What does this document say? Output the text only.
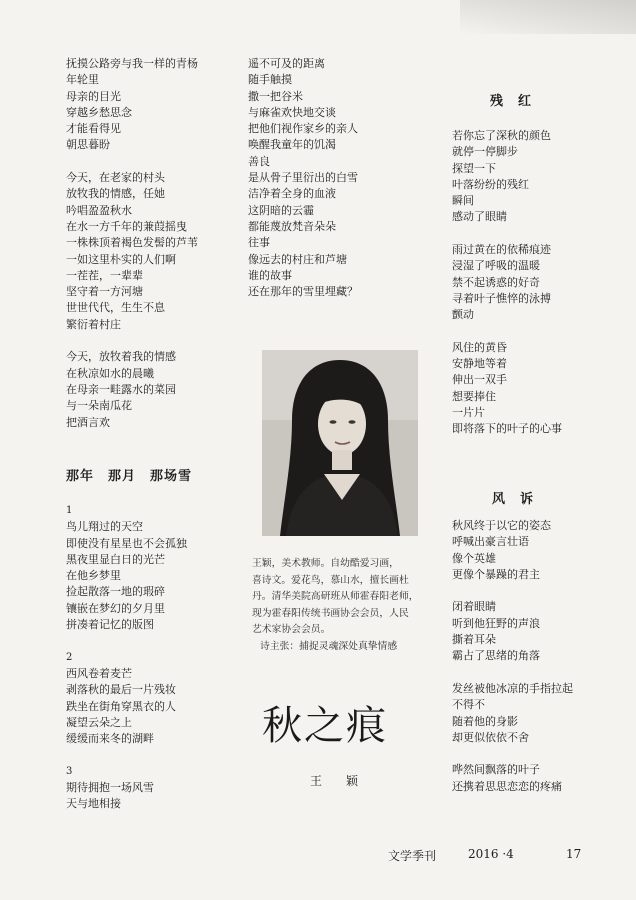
抚摸公路旁与我一样的青杨
年轮里
母亲的目光
穿越乡愁思念
才能看得见
朝思暮盼
今天，在老家的村头
放牧我的情感，任她
吟唱盈盈秋水
在水一方千年的兼葭摇曳
一株株顶着褐色发髻的芦苇
一如这里朴实的人们啊
一茬茬，一辈辈
坚守着一方河塘
世世代代，生生不息
繁衍着村庄
今天，放牧着我的情感
在秋凉如水的晨曦
在母亲一畦露水的菜园
与一朵南瓜花
把酒言欢
那年　那月　那场雪
1
鸟儿翔过的天空
即使没有星星也不会孤独
黑夜里显白日的光芒
在他乡梦里
捡起散落一地的瑕碎
镶嵌在梦幻的夕月里
拼凑着记忆的版图
2
西风卷着麦芒
剥落秋的最后一片残妆
跌坐在街角穿黑衣的人
凝望云朵之上
缓缓而来冬的湖畔
3
期待拥抱一场风雪
天与地相接
遥不可及的距离
随手触摸
撒一把谷米
与麻雀欢快地交谈
把他们视作家乡的亲人
唤醒我童年的饥渴
善良
是从骨子里衍出的白雪
洁净着全身的血液
这阴暗的云霾
都能蔑放梵音朵朵
往事
像远去的村庄和芦塘
谁的故事
还在那年的雪里埋藏？
王颖，美术教师。自幼酷爱习画，
喜诗文。爱花鸟，慕山水，擅长画杜
丹。清华美院高研班从师霍春阳老师，
现为霍春阳传统书画协会会员，人民
艺术家协会会员。
诗主张：捕捉灵魂深处真挚情感
秋之痕
王　颖
残　红
若你忘了深秋的颜色
就停一停脚步
探望一下
叶落纷纷的残红
瞬间
感动了眼睛
雨过黄在的依稀痕迹
浸湿了呼吸的温暖
禁不起诱惑的好奇
寻着叶子憔悴的泳搏
颤动
风住的黄昏
安静地等着
伸出一双手
想要捧住
一片片
即将落下的叶子的心事
风　诉
秋风终于以它的姿态
呼喊出豪言壮语
像个英雄
更像个暴躁的君主
闭着眼睛
听到他狂野的声浪
撕着耳朵
霸占了思绪的角落
发丝被他冰凉的手指拉起
不得不
随着他的身影
却更似依依不舍
哗然间飘落的叶子
还携着思思恋恋的疼痛
文学季刊	2016 ·4	17
